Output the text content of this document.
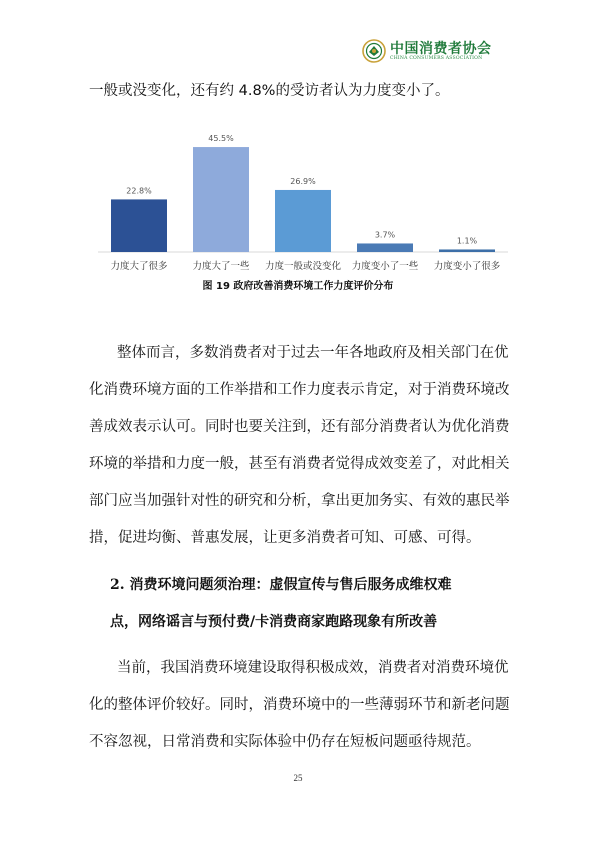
中国消费者协会
CHINA CONSUMERS ASSOCIATION
一般或没变化，还有约 4.8%的受访者认为力度变小了。
22.8%
力度大了很多
45.5%
力度大了一些
26.9%
力度一般或没变化
3.7%
力度变小了一些
1.1%
力度变小了很多
图 19 政府改善消费环境工作力度评价分布
整体而言，多数消费者对于过去一年各地政府及相关部门在优
化消费环境方面的工作举措和工作力度表示肯定，对于消费环境改
善成效表示认可。同时也要关注到，还有部分消费者认为优化消费
环境的举措和力度一般，甚至有消费者觉得成效变差了，对此相关
部门应当加强针对性的研究和分析，拿出更加务实、有效的惠民举
措，促进均衡、普惠发展，让更多消费者可知、可感、可得。
2. 消费环境问题须治理：虚假宣传与售后服务成维权难
点，网络谣言与预付费/卡消费商家跑路现象有所改善
当前，我国消费环境建设取得积极成效，消费者对消费环境优
化的整体评价较好。同时，消费环境中的一些薄弱环节和新老问题
不容忽视，日常消费和实际体验中仍存在短板问题亟待规范。
25
